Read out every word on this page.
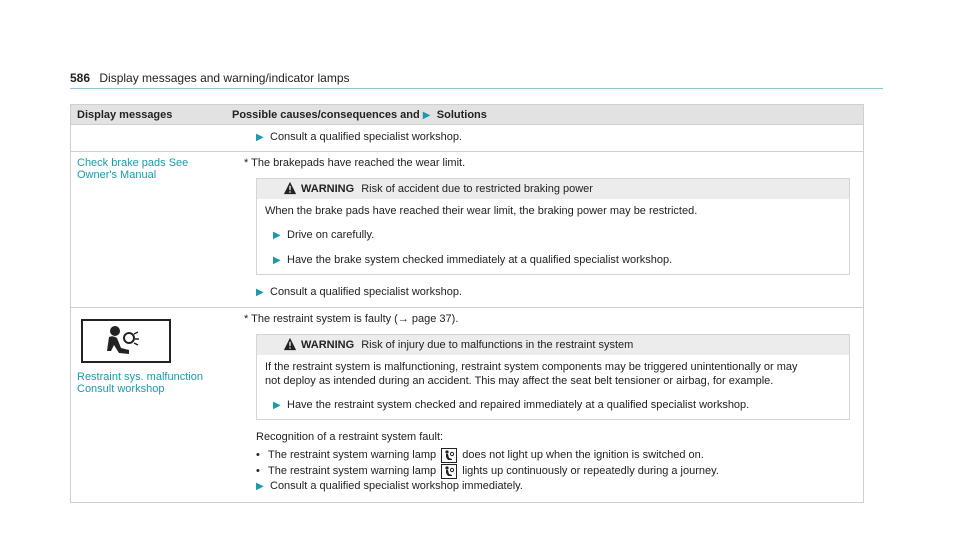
586 Display messages and warning/indicator lamps
Display messages	Possible causes/consequences and ▶ Solutions
▶ Consult a qualified specialist workshop.
Check brake pads See
Owner's Manual
* The brakepads have reached the wear limit.
WARNING Risk of accident due to restricted braking power
When the brake pads have reached their wear limit, the braking power may be restricted.
▶ Drive on carefully.
▶ Have the brake system checked immediately at a qualified specialist workshop.
▶ Consult a qualified specialist workshop.
Restraint sys. malfunction
Consult workshop
* The restraint system is faulty (→ page 37).
WARNING Risk of injury due to malfunctions in the restraint system
If the restraint system is malfunctioning, restraint system components may be triggered unintentionally or may
not deploy as intended during an accident. This may affect the seat belt tensioner or airbag, for example.
▶ Have the restraint system checked and repaired immediately at a qualified specialist workshop.
Recognition of a restraint system fault:
• The restraint system warning lamp does not light up when the ignition is switched on.
• The restraint system warning lamp lights up continuously or repeatedly during a journey.
▶ Consult a qualified specialist workshop immediately.
